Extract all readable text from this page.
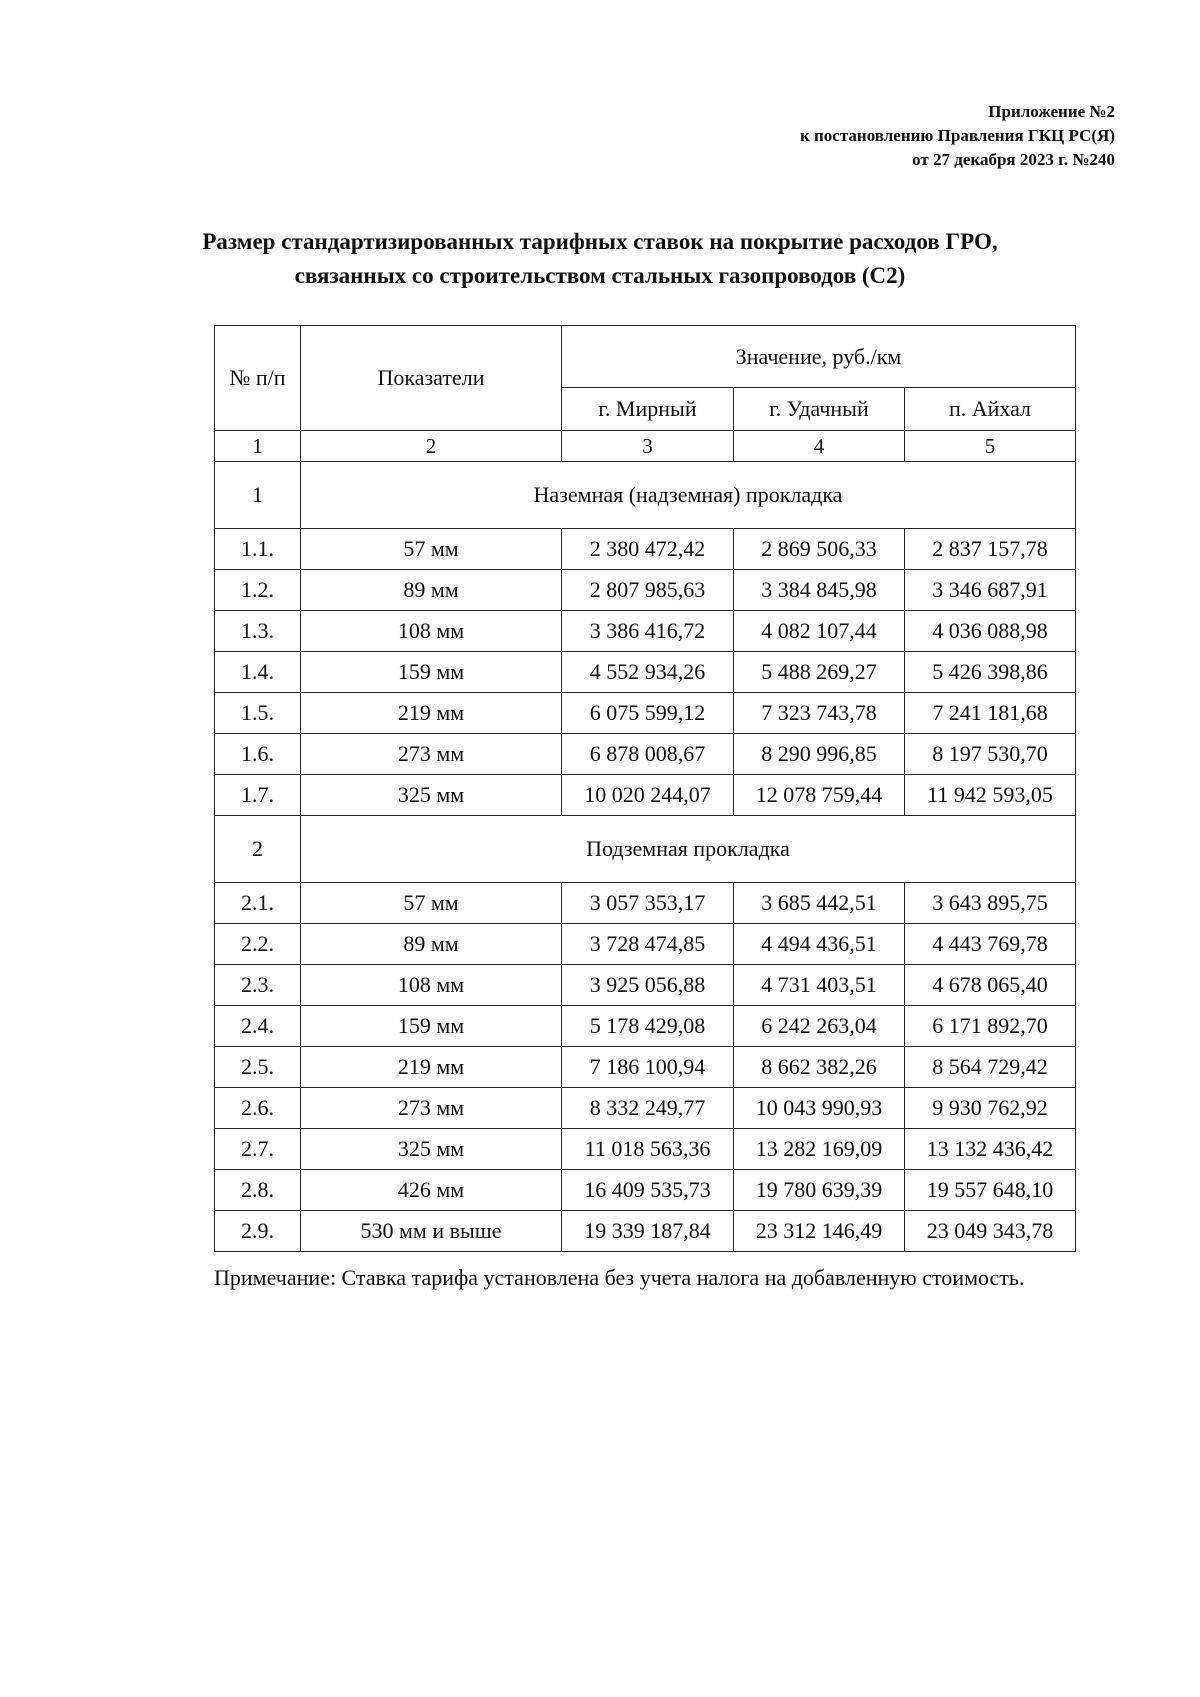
Приложение №2
к постановлению Правления ГКЦ РС(Я)
от 27 декабря 2023 г. №240
Размер стандартизированных тарифных ставок на покрытие расходов ГРО,
связанных со строительством стальных газопроводов (С2)
№ п/п	Показатели	Значение, руб./км		
		г. Мирный	г. Удачный	п. Айхал
1	2	3	4	5
1	Наземная (надземная) прокладка			
1.1.	57 мм	2 380 472,42	2 869 506,33	2 837 157,78
1.2.	89 мм	2 807 985,63	3 384 845,98	3 346 687,91
1.3.	108 мм	3 386 416,72	4 082 107,44	4 036 088,98
1.4.	159 мм	4 552 934,26	5 488 269,27	5 426 398,86
1.5.	219 мм	6 075 599,12	7 323 743,78	7 241 181,68
1.6.	273 мм	6 878 008,67	8 290 996,85	8 197 530,70
1.7.	325 мм	10 020 244,07	12 078 759,44	11 942 593,05
2	Подземная прокладка			
2.1.	57 мм	3 057 353,17	3 685 442,51	3 643 895,75
2.2.	89 мм	3 728 474,85	4 494 436,51	4 443 769,78
2.3.	108 мм	3 925 056,88	4 731 403,51	4 678 065,40
2.4.	159 мм	5 178 429,08	6 242 263,04	6 171 892,70
2.5.	219 мм	7 186 100,94	8 662 382,26	8 564 729,42
2.6.	273 мм	8 332 249,77	10 043 990,93	9 930 762,92
2.7.	325 мм	11 018 563,36	13 282 169,09	13 132 436,42
2.8.	426 мм	16 409 535,73	19 780 639,39	19 557 648,10
2.9.	530 мм и выше	19 339 187,84	23 312 146,49	23 049 343,78
Примечание: Ставка тарифа установлена без учета налога на добавленную стоимость.
